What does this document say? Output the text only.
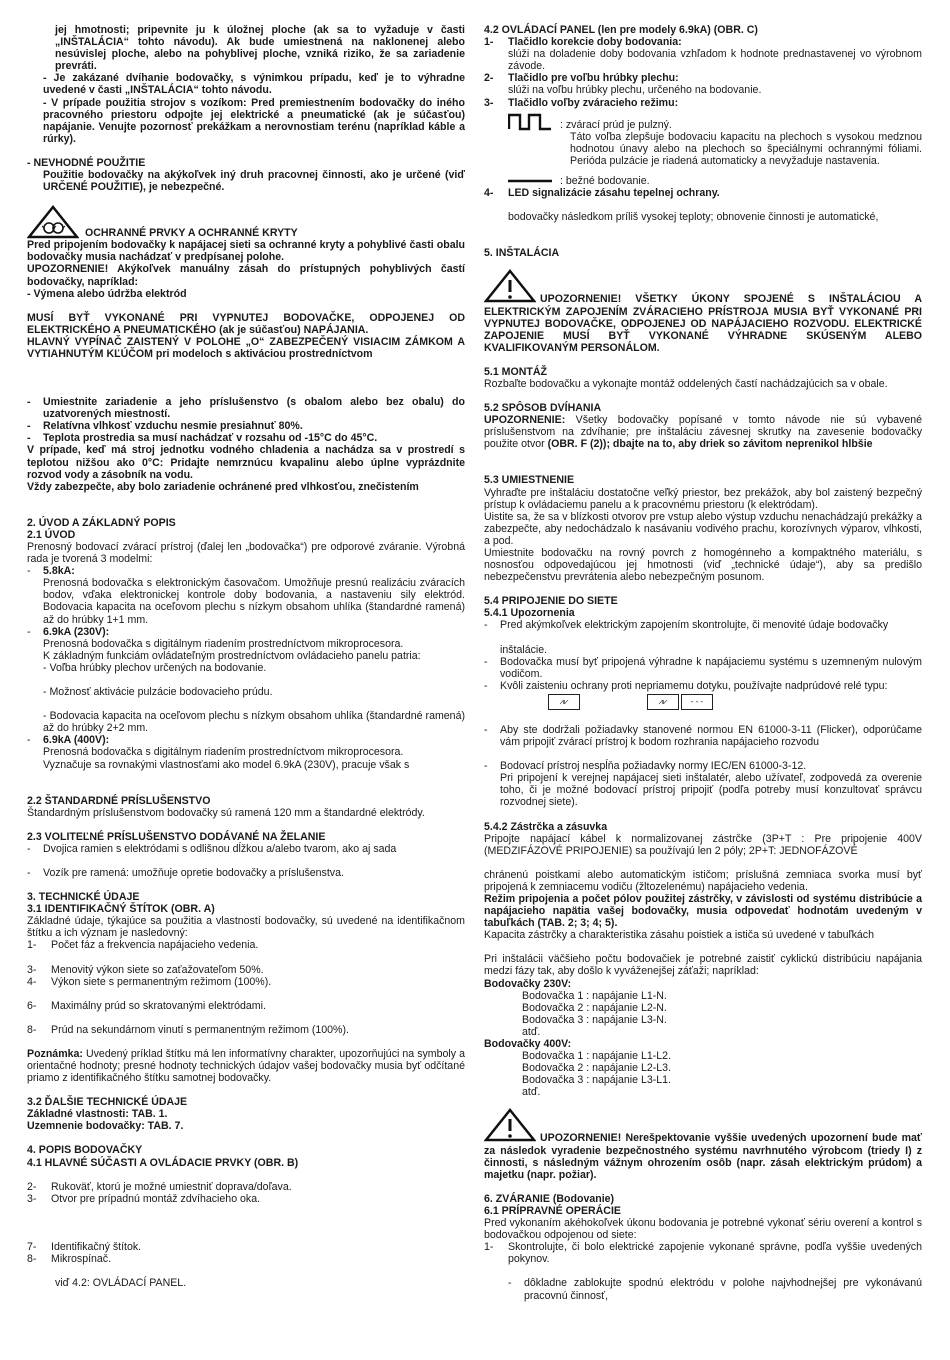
jej hmotnosti; pripevnite ju k úložnej ploche (ak sa to vyžaduje v časti „INŠTALÁCIA“ tohto návodu). Ak bude umiestnená na naklonenej alebo nesúvislej ploche, alebo na pohyblivej ploche, vzniká riziko, že sa zariadenie prevráti.

- Je zakázané dvíhanie bodovačky, s výnimkou prípadu, keď je to výhradne uvedené v časti „INŠTALÁCIA“ tohto návodu.

- V prípade použitia strojov s vozíkom: Pred premiestnením bodovačky do iného pracovného priestoru odpojte jej elektrické a pneumatické (ak je súčasťou) napájanie. Venujte pozornosť prekážkam a nerovnostiam terénu (napríklad káble a rúrky).

- NEVHODNÉ POUŽITIE

Použitie bodovačky na akýkoľvek iný druh pracovnej činnosti, ako je určené (viď URČENÉ POUŽITIE), je nebezpečné.

OCHRANNÉ PRVKY A OCHRANNÉ KRYTY

Pred pripojením bodovačky k napájacej sieti sa ochranné kryty a pohyblivé časti obalu bodovačky musia nachádzať v predpísanej polohe.

UPOZORNENIE! Akýkoľvek manuálny zásah do prístupných pohyblivých častí bodovačky, napríklad:

- Výmena alebo údržba elektród

MUSÍ BYŤ VYKONANÉ PRI VYPNUTEJ BODOVAČKE, ODPOJENEJ OD ELEKTRICKÉHO A PNEUMATICKÉHO (ak je súčasťou) NAPÁJANIA.

HLAVNÝ VYPÍNAČ ZAISTENÝ V POLOHE „O“ ZABEZPEČENÝ VISIACIM ZÁMKOM A VYTIAHNUTÝM KĽÚČOM pri modeloch s aktiváciou prostredníctvom

-	Umiestnite zariadenie a jeho príslušenstvo (s obalom alebo bez obalu) do uzatvorených miestností.
-	Relatívna vlhkosť vzduchu nesmie presiahnuť 80%.
-	Teplota prostredia sa musí nachádzať v rozsahu od -15°C do 45°C.

V prípade, keď má stroj jednotku vodného chladenia a nachádza sa v prostredí s teplotou nižšou ako 0°C: Pridajte nemrznúcu kvapalinu alebo úplne vyprázdnite rozvod vody a zásobník na vodu.

Vždy zabezpečte, aby bolo zariadenie ochránené pred vlhkosťou, znečistením

2. ÚVOD A ZÁKLADNÝ POPIS

2.1 ÚVOD

Prenosný bodovací zvárací prístroj (ďalej len „bodovačka“) pre odporové zváranie. Výrobná rada je tvorená 3 modelmi:

-	5.8kA:

Prenosná bodovačka s elektronickým časovačom. Umožňuje presnú realizáciu zváracích bodov, vďaka elektronickej kontrole doby bodovania, a nastaveniu sily elektród. Bodovacia kapacita na oceľovom plechu s nízkym obsahom uhlíka (štandardné ramená) až do hrúbky 1+1 mm.

-	6.9kA (230V):

Prenosná bodovačka s digitálnym riadením prostredníctvom mikroprocesora.

K základným funkciám ovládateľným prostredníctvom ovládacieho panelu patria:

- Voľba hrúbky plechov určených na bodovanie.

- Možnosť aktivácie pulzácie bodovacieho prúdu.

- Bodovacia kapacita na oceľovom plechu s nízkym obsahom uhlíka (štandardné ramená) až do hrúbky 2+2 mm.

-	6.9kA (400V):

Prenosná bodovačka s digitálnym riadením prostredníctvom mikroprocesora.

Vyznačuje sa rovnakými vlastnosťami ako model 6.9kA (230V), pracuje však s

2.2 ŠTANDARDNÉ PRÍSLUŠENSTVO

Štandardným príslušenstvom bodovačky sú ramená 120 mm a štandardné elektródy.

2.3 VOLITEĽNÉ PRÍSLUŠENSTVO DODÁVANÉ NA ŽELANIE

-	Dvojica ramien s elektródami s odlišnou dĺžkou a/alebo tvarom, ako aj sada
-	Vozík pre ramená: umožňuje opretie bodovačky a príslušenstva.

3. TECHNICKÉ ÚDAJE

3.1 IDENTIFIKAČNÝ ŠTÍTOK (OBR. A)

Základné údaje, týkajúce sa použitia a vlastností bodovačky, sú uvedené na identifikačnom štítku a ich význam je nasledovný:

1-	Počet fáz a frekvencia napájacieho vedenia.
3-	Menovitý výkon siete so zaťažovateľom 50%.
4-	Výkon siete s permanentným režimom (100%).
6-	Maximálny prúd so skratovanými elektródami.
8-	Prúd na sekundárnom vinutí s permanentným režimom (100%).

Poznámka: Uvedený príklad štítku má len informatívny charakter, upozorňujúci na symboly a orientačné hodnoty; presné hodnoty technických údajov vašej bodovačky musia byť odčítané priamo z identifikačného štítku samotnej bodovačky.

3.2 ĎALŠIE TECHNICKÉ ÚDAJE

Základné vlastnosti: TAB. 1.

Uzemnenie bodovačky: TAB. 7.

4. POPIS BODOVAČKY

4.1 HLAVNÉ SÚČASTI A OVLÁDACIE PRVKY (OBR. B)

2-	Rukoväť, ktorú je možné umiestniť doprava/doľava.
3-	Otvor pre prípadnú montáž zdvíhacieho oka.
7-	Identifikačný štítok.
8-	Mikrospínač.

viď 4.2: OVLÁDACÍ PANEL.

4.2 OVLÁDACÍ PANEL (len pre modely 6.9kA) (OBR. C)

1-	Tlačidlo korekcie doby bodovania:

slúži na doladenie doby bodovania vzhľadom k hodnote prednastavenej vo výrobnom závode.

2-	Tlačidlo pre voľbu hrúbky plechu:

slúži na voľbu hrúbky plechu, určeného na bodovanie.

3-	Tlačidlo voľby zváracieho režimu:

: zvárací prúd je pulzný.

Táto voľba zlepšuje bodovaciu kapacitu na plechoch s vysokou medznou hodnotou únavy alebo na plechoch so špeciálnymi ochrannými fóliami. Perióda pulzácie je riadená automaticky a nevyžaduje nastavenia.

: bežné bodovanie.

4-	LED signalizácie zásahu tepelnej ochrany.

bodovačky následkom príliš vysokej teploty; obnovenie činnosti je automatické,

5. INŠTALÁCIA

UPOZORNENIE! VŠETKY ÚKONY SPOJENÉ S INŠTALÁCIOU A ELEKTRICKÝM ZAPOJENÍM ZVÁRACIEHO PRÍSTROJA MUSIA BYŤ VYKONANÉ PRI VYPNUTEJ BODOVAČKE, ODPOJENEJ OD NAPÁJACIEHO ROZVODU. ELEKTRICKÉ ZAPOJENIE MUSÍ BYŤ VYKONANÉ VÝHRADNE SKÚSENÝM ALEBO KVALIFIKOVANÝM PERSONÁLOM.

5.1 MONTÁŽ

Rozbaľte bodovačku a vykonajte montáž oddelených častí nachádzajúcich sa v obale.

5.2 SPÔSOB DVÍHANIA

UPOZORNENIE: Všetky bodovačky popísané v tomto návode nie sú vybavené príslušenstvom na zdvíhanie; pre inštaláciu závesnej skrutky na zavesenie bodovačky použite otvor (OBR. F (2)); dbajte na to, aby driek so závitom neprenikol hlbšie

5.3 UMIESTNENIE

Vyhraďte pre inštaláciu dostatočne veľký priestor, bez prekážok, aby bol zaistený bezpečný prístup k ovládaciemu panelu a k pracovnému priestoru (k elektródam).

Uistite sa, že sa v blízkosti otvorov pre vstup alebo výstup vzduchu nenachádzajú prekážky a zabezpečte, aby nedochádzalo k nasávaniu vodivého prachu, korozívnych výparov, vlhkosti, a pod.

Umiestnite bodovačku na rovný povrch z homogénneho a kompaktného materiálu, s nosnosťou odpovedajúcou jej hmotnosti (viď „technické údaje“), aby sa predišlo nebezpečenstvu prevrátenia alebo nebezpečným posunom.

5.4 PRIPOJENIE DO SIETE

5.4.1 Upozornenia

-	Pred akýmkoľvek elektrickým zapojením skontrolujte, či menovité údaje bodovačky

inštalácie.

-	Bodovačka musí byť pripojená výhradne k napájaciemu systému s uzemneným nulovým vodičom.
-	Kvôli zaisteniu ochrany proti nepriamemu dotyku, používajte nadprúdové relé typu:
⩘⩗
	⩘⩗	- - -
-	Aby ste dodržali požiadavky stanovené normou EN 61000-3-11 (Flicker), odporúčame vám pripojiť zvárací prístroj k bodom rozhrania napájacieho rozvodu
-	Bodovací prístroj nespĺňa požiadavky normy IEC/EN 61000-3-12.

Pri pripojení k verejnej napájacej sieti inštalatér, alebo užívateľ, zodpovedá za overenie toho, či je možné bodovací prístroj pripojiť (podľa potreby musí konzultovať správcu rozvodnej siete).

5.4.2 Zástrčka a zásuvka

Pripojte napájací kábel k normalizovanej zástrčke (3P+T : Pre pripojenie 400V (MEDZIFÁZOVÉ PRIPOJENIE) sa používajú len 2 póly; 2P+T: JEDNOFÁZOVÉ

chránenú poistkami alebo automatickým ističom; príslušná zemniaca svorka musí byť pripojená k zemniacemu vodiču (žltozelenému) napájacieho vedenia.

Režim pripojenia a počet pólov použitej zástrčky, v závislosti od systému distribúcie a napájacieho napätia vašej bodovačky, musia odpovedať hodnotám uvedeným v tabuľkách (TAB. 2; 3; 4; 5).

Kapacita zástrčky a charakteristika zásahu poistiek a ističa sú uvedené v tabuľkách

Pri inštalácii väčšieho počtu bodovačiek je potrebné zaistiť cyklickú distribúciu napájania medzi fázy tak, aby došlo k vyváženejšej záťaži; napríklad:

Bodovačky 230V:

Bodovačka 1 : napájanie L1-N.

Bodovačka 2 : napájanie L2-N.

Bodovačka 3 : napájanie L3-N.

atď.

Bodovačky 400V:

Bodovačka 1 : napájanie L1-L2.

Bodovačka 2 : napájanie L2-L3.

Bodovačka 3 : napájanie L3-L1.

atď.

UPOZORNENIE! Nerešpektovanie vyššie uvedených upozornení bude mať za následok vyradenie bezpečnostného systému navrhnutého výrobcom (triedy I) z činnosti, s následným vážnym ohrozením osôb (napr. zásah elektrickým prúdom) a majetku (napr. požiar).

6. ZVÁRANIE (Bodovanie)

6.1 PRÍPRAVNÉ OPERÁCIE

Pred vykonaním akéhokoľvek úkonu bodovania je potrebné vykonať sériu overení a kontrol s bodovačkou odpojenou od siete:

1-	Skontrolujte, či bolo elektrické zapojenie vykonané správne, podľa vyššie uvedených pokynov.
-	dôkladne zablokujte spodnú elektródu v polohe najvhodnejšej pre vykonávanú pracovnú činnosť,
